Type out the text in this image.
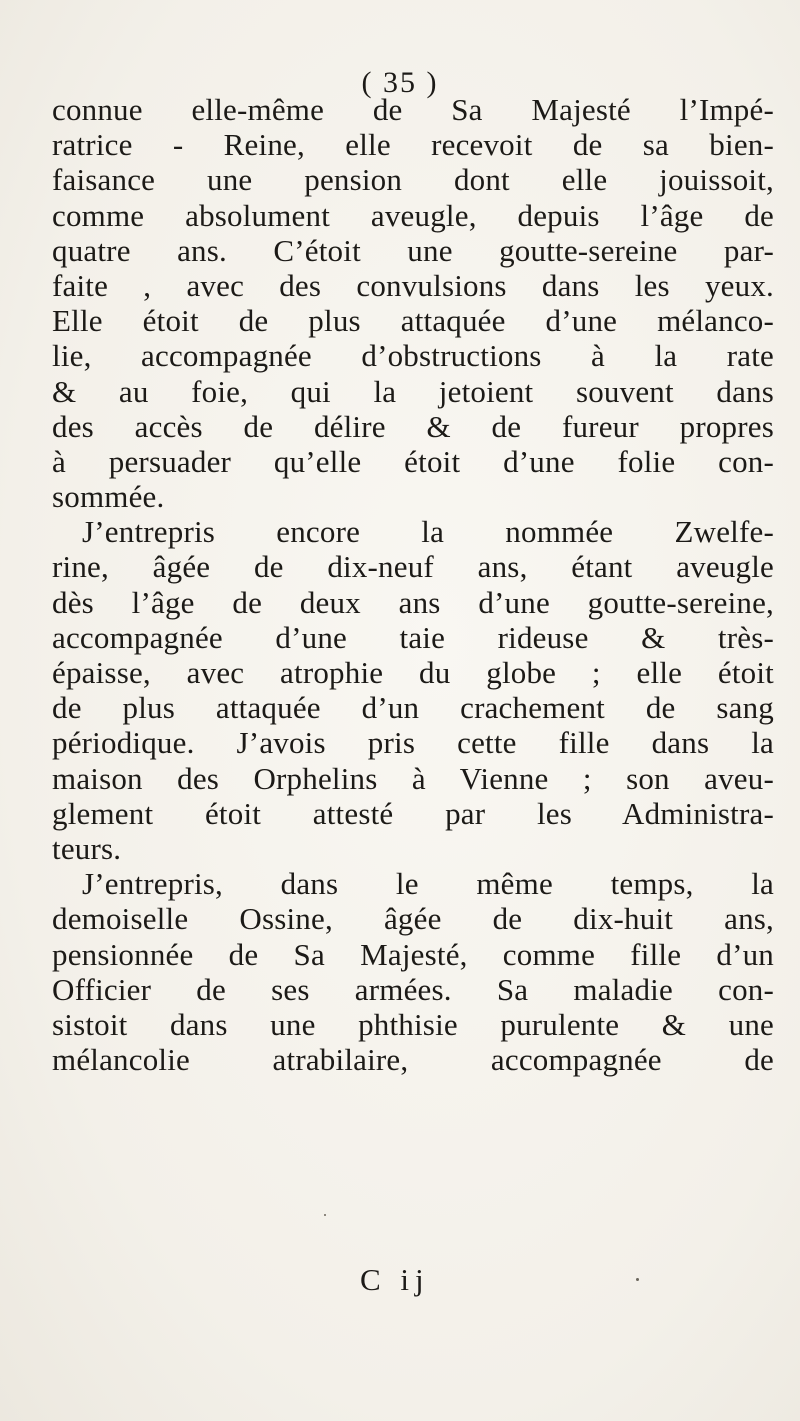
( 35 )
connue elle-même de Sa Majesté l’Impé-
ratrice - Reine, elle recevoit de sa bien-
faisance une pension dont elle jouissoit,
comme absolument aveugle, depuis l’âge de
quatre ans. C’étoit une goutte-sereine par-
faite , avec des convulsions dans les yeux.
Elle étoit de plus attaquée d’une mélanco-
lie, accompagnée d’obstructions à la rate
& au foie, qui la jetoient souvent dans
des accès de délire & de fureur propres
à persuader qu’elle étoit d’une folie con-
sommée.
J’entrepris encore la nommée Zwelfe-
rine, âgée de dix-neuf ans, étant aveugle
dès l’âge de deux ans d’une goutte-sereine,
accompagnée d’une taie rideuse & très-
épaisse, avec atrophie du globe ; elle étoit
de plus attaquée d’un crachement de sang
périodique. J’avois pris cette fille dans la
maison des Orphelins à Vienne ; son aveu-
glement étoit attesté par les Administra-
teurs.
J’entrepris, dans le même temps, la
demoiselle Ossine, âgée de dix-huit ans,
pensionnée de Sa Majesté, comme fille d’un
Officier de ses armées. Sa maladie con-
sistoit dans une phthisie purulente & une
mélancolie atrabilaire, accompagnée de
C ij
